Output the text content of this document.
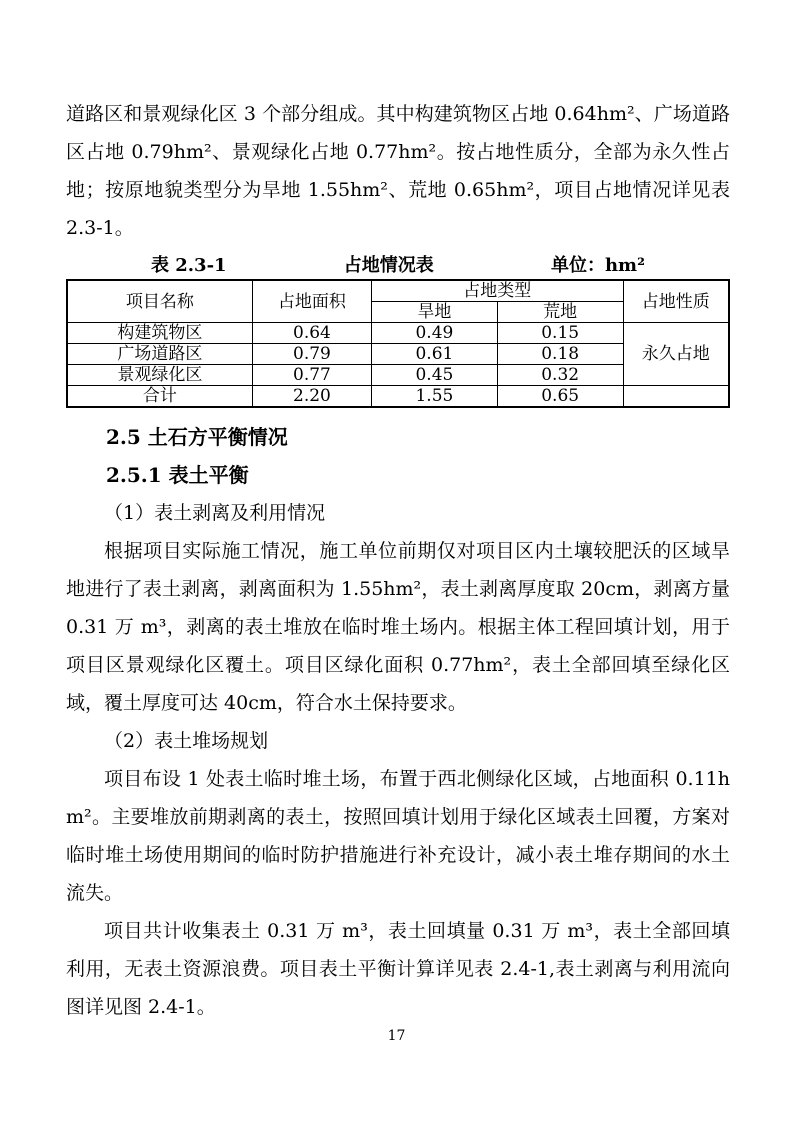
道路区和景观绿化区 3 个部分组成。其中构建筑物区占地 0.64hm²、广场道路区占地 0.79hm²、景观绿化占地 0.77hm²。按占地性质分，全部为永久性占地；按原地貌类型分为旱地 1.55hm²、荒地 0.65hm²，项目占地情况详见表 2.3-1。

表 2.3-1	占地情况表	单位：hm²
项目名称	占地面积	占地类型		占地性质
		旱地	荒地	
构建筑物区	0.64	0.49	0.15	永久占地
广场道路区	0.79	0.61	0.18	
景观绿化区	0.77	0.45	0.32	
合计	2.20	1.55	0.65	

2.5 土石方平衡情况

2.5.1 表土平衡

（1）表土剥离及利用情况

根据项目实际施工情况，施工单位前期仅对项目区内土壤较肥沃的区域旱地进行了表土剥离，剥离面积为 1.55hm²，表土剥离厚度取 20cm，剥离方量 0.31 万 m³，剥离的表土堆放在临时堆土场内。根据主体工程回填计划，用于项目区景观绿化区覆土。项目区绿化面积 0.77hm²，表土全部回填至绿化区域，覆土厚度可达 40cm，符合水土保持要求。

（2）表土堆场规划

项目布设 1 处表土临时堆土场，布置于西北侧绿化区域，占地面积 0.11hm²。主要堆放前期剥离的表土，按照回填计划用于绿化区域表土回覆，方案对临时堆土场使用期间的临时防护措施进行补充设计，减小表土堆存期间的水土流失。

项目共计收集表土 0.31 万 m³，表土回填量 0.31 万 m³，表土全部回填利用，无表土资源浪费。项目表土平衡计算详见表 2.4-1,表土剥离与利用流向图详见图 2.4-1。

17
